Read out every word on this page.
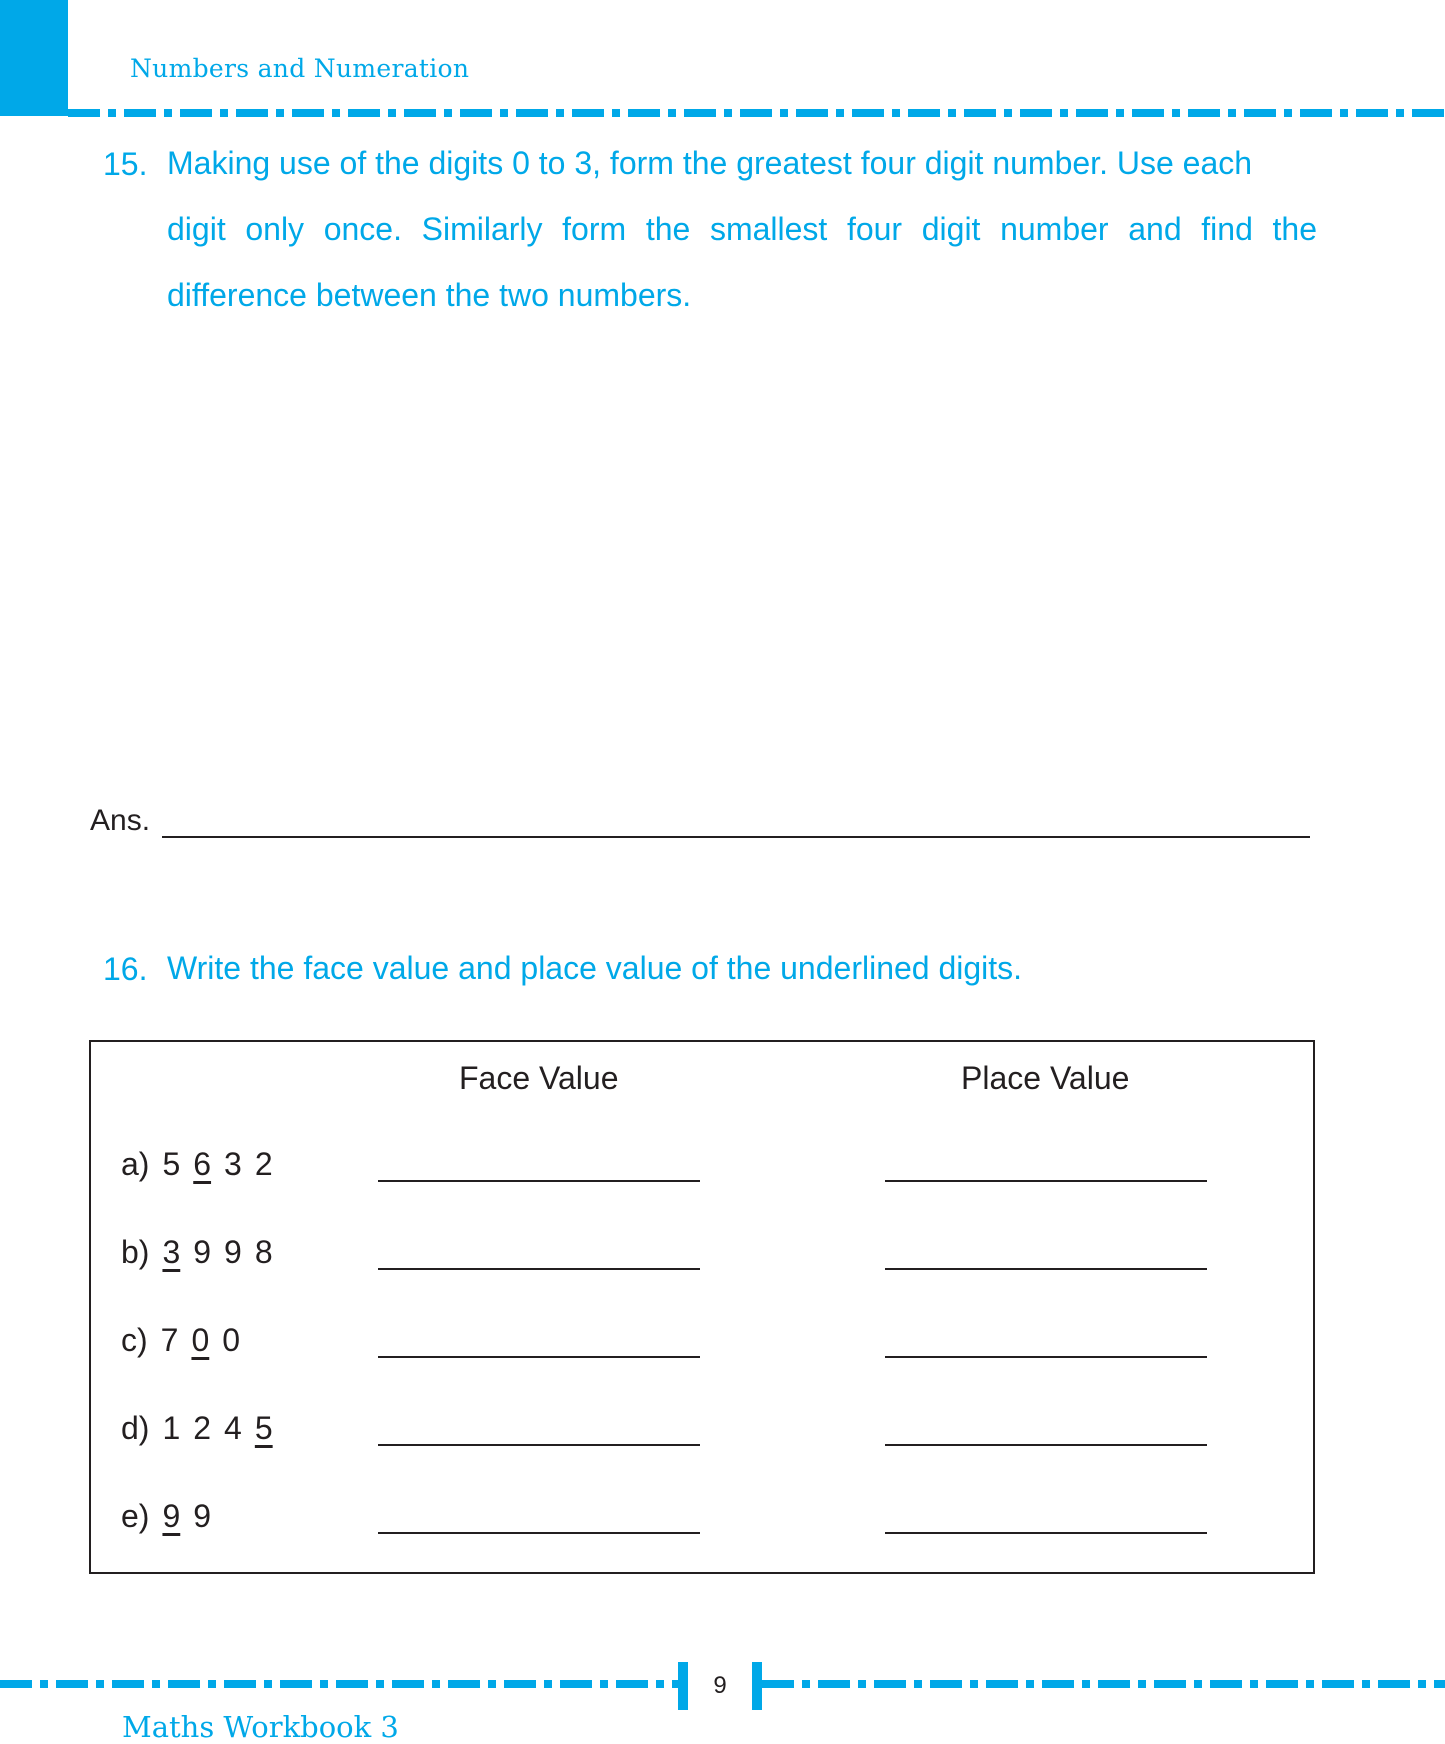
Numbers and Numeration
15. Making use of the digits 0 to 3, form the greatest four digit number. Use each
digit only once. Similarly form the smallest four digit number and find the
difference between the two numbers.
Ans.
16. Write the face value and place value of the underlined digits.
Face Value	Place Value
a) 5 6 3 2
b) 3 9 9 8
c) 7 0 0
d) 1 2 4 5
e) 9 9
9
Maths Workbook 3
